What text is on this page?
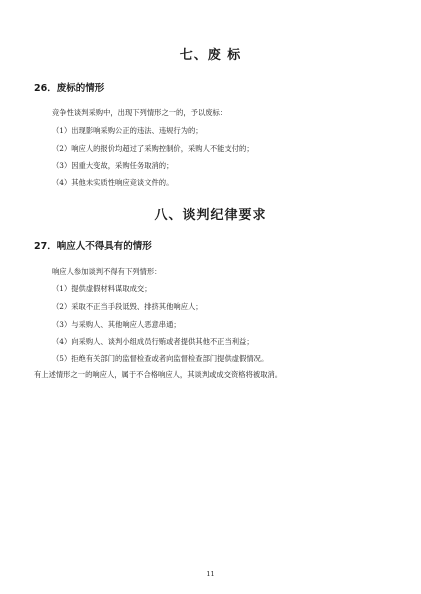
七、废 标
26．废标的情形
竞争性谈判采购中，出现下列情形之一的，予以废标：
（1）出现影响采购公正的违法、违规行为的；
（2）响应人的报价均超过了采购控制价，采购人不能支付的；
（3）因重大变故，采购任务取消的；
（4）其他未实质性响应竞谈文件的。
八、谈判纪律要求
27．响应人不得具有的情形
响应人参加谈判不得有下列情形：
（1）提供虚假材料谋取成交；
（2）采取不正当手段诋毁、排挤其他响应人；
（3）与采购人、其他响应人恶意串通；
（4）向采购人、谈判小组成员行贿或者提供其他不正当利益；
（5）拒绝有关部门的监督检查或者向监督检查部门提供虚假情况。
有上述情形之一的响应人，属于不合格响应人，其谈判或成交资格将被取消。
11
